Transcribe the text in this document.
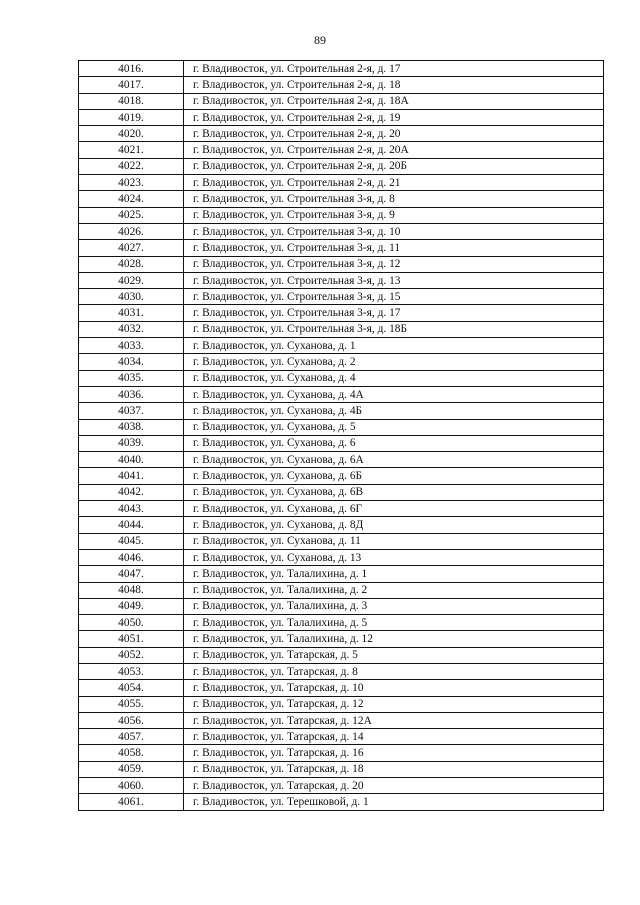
89
4016.	г. Владивосток, ул. Строительная 2-я, д. 17
4017.	г. Владивосток, ул. Строительная 2-я, д. 18
4018.	г. Владивосток, ул. Строительная 2-я, д. 18А
4019.	г. Владивосток, ул. Строительная 2-я, д. 19
4020.	г. Владивосток, ул. Строительная 2-я, д. 20
4021.	г. Владивосток, ул. Строительная 2-я, д. 20А
4022.	г. Владивосток, ул. Строительная 2-я, д. 20Б
4023.	г. Владивосток, ул. Строительная 2-я, д. 21
4024.	г. Владивосток, ул. Строительная 3-я, д. 8
4025.	г. Владивосток, ул. Строительная 3-я, д. 9
4026.	г. Владивосток, ул. Строительная 3-я, д. 10
4027.	г. Владивосток, ул. Строительная 3-я, д. 11
4028.	г. Владивосток, ул. Строительная 3-я, д. 12
4029.	г. Владивосток, ул. Строительная 3-я, д. 13
4030.	г. Владивосток, ул. Строительная 3-я, д. 15
4031.	г. Владивосток, ул. Строительная 3-я, д. 17
4032.	г. Владивосток, ул. Строительная 3-я, д. 18Б
4033.	г. Владивосток, ул. Суханова, д. 1
4034.	г. Владивосток, ул. Суханова, д. 2
4035.	г. Владивосток, ул. Суханова, д. 4
4036.	г. Владивосток, ул. Суханова, д. 4А
4037.	г. Владивосток, ул. Суханова, д. 4Б
4038.	г. Владивосток, ул. Суханова, д. 5
4039.	г. Владивосток, ул. Суханова, д. 6
4040.	г. Владивосток, ул. Суханова, д. 6А
4041.	г. Владивосток, ул. Суханова, д. 6Б
4042.	г. Владивосток, ул. Суханова, д. 6В
4043.	г. Владивосток, ул. Суханова, д. 6Г
4044.	г. Владивосток, ул. Суханова, д. 8Д
4045.	г. Владивосток, ул. Суханова, д. 11
4046.	г. Владивосток, ул. Суханова, д. 13
4047.	г. Владивосток, ул. Талалихина, д. 1
4048.	г. Владивосток, ул. Талалихина, д. 2
4049.	г. Владивосток, ул. Талалихина, д. 3
4050.	г. Владивосток, ул. Талалихина, д. 5
4051.	г. Владивосток, ул. Талалихина, д. 12
4052.	г. Владивосток, ул. Татарская, д. 5
4053.	г. Владивосток, ул. Татарская, д. 8
4054.	г. Владивосток, ул. Татарская, д. 10
4055.	г. Владивосток, ул. Татарская, д. 12
4056.	г. Владивосток, ул. Татарская, д. 12А
4057.	г. Владивосток, ул. Татарская, д. 14
4058.	г. Владивосток, ул. Татарская, д. 16
4059.	г. Владивосток, ул. Татарская, д. 18
4060.	г. Владивосток, ул. Татарская, д. 20
4061.	г. Владивосток, ул. Терешковой, д. 1
